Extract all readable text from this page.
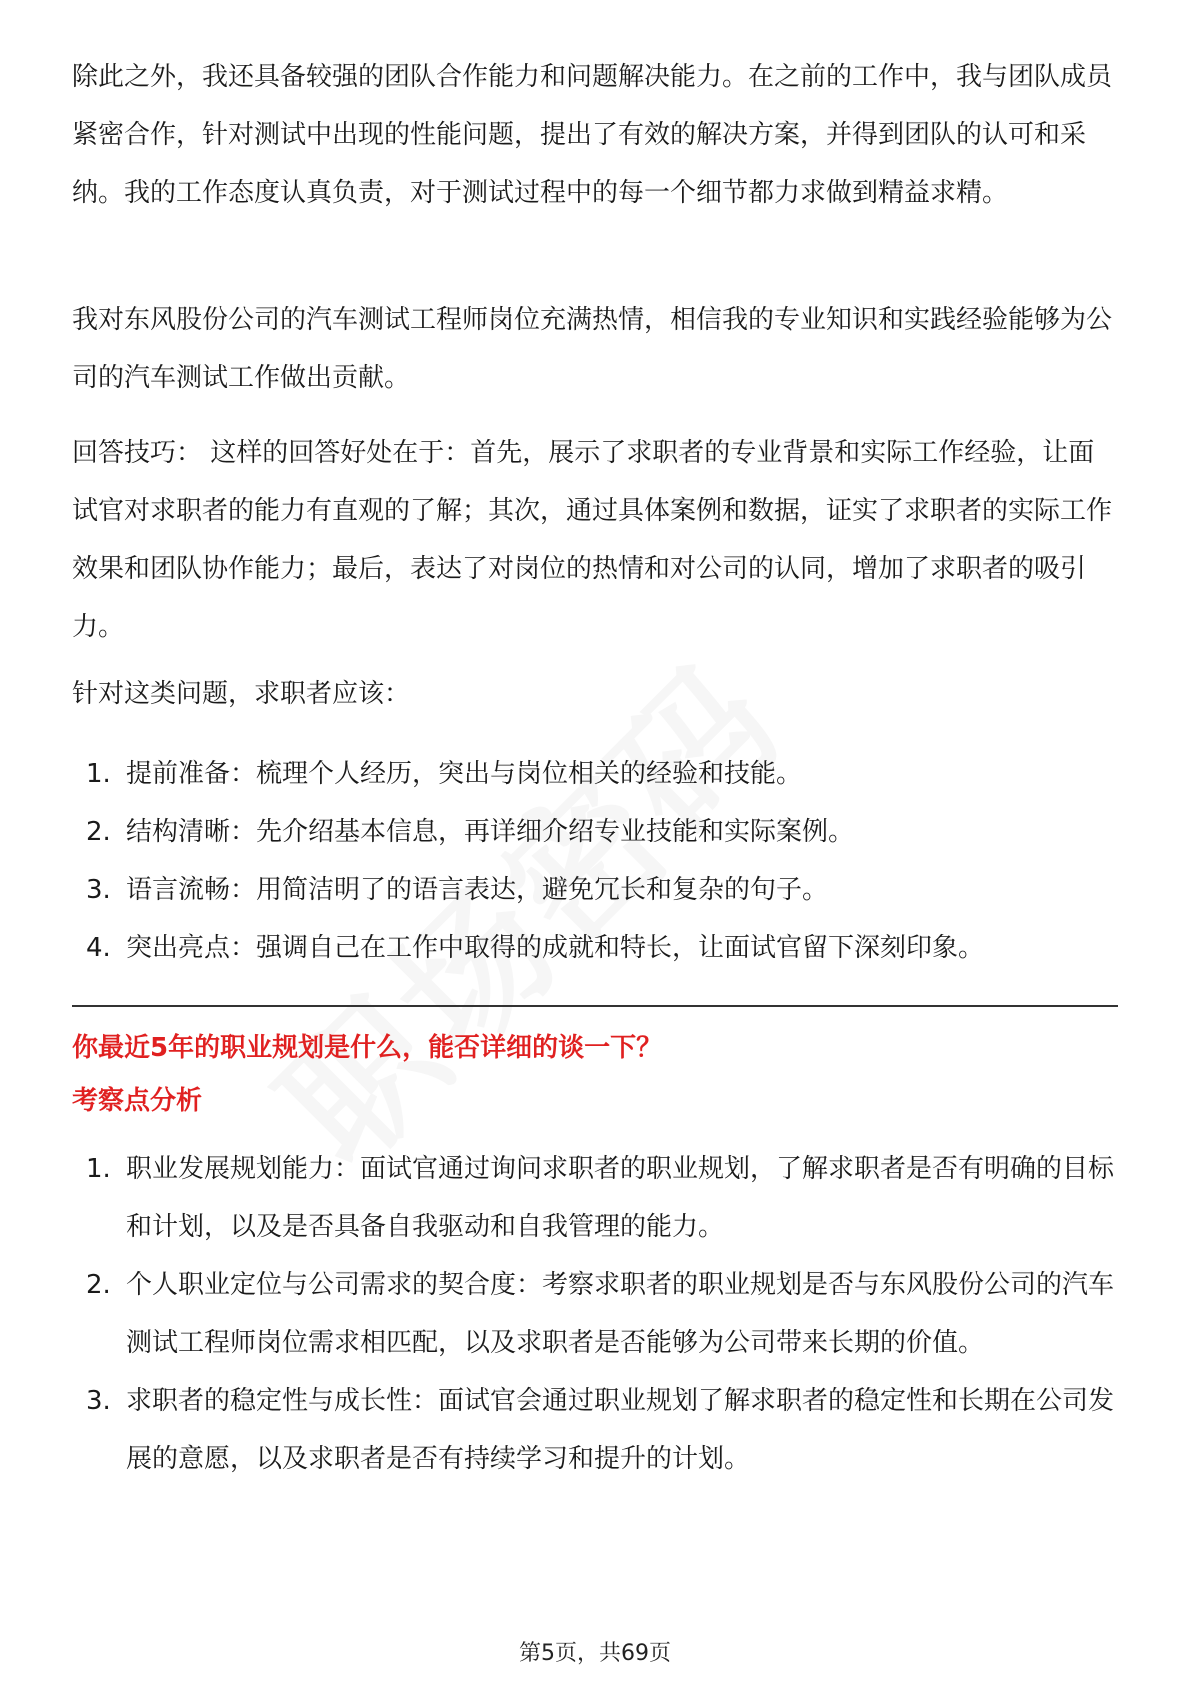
除此之外，我还具备较强的团队合作能力和问题解决能力。在之前的工作中，我与团队成员紧密合作，针对测试中出现的性能问题，提出了有效的解决方案，并得到团队的认可和采纳。我的工作态度认真负责，对于测试过程中的每一个细节都力求做到精益求精。

我对东风股份公司的汽车测试工程师岗位充满热情，相信我的专业知识和实践经验能够为公司的汽车测试工作做出贡献。

回答技巧： 这样的回答好处在于：首先，展示了求职者的专业背景和实际工作经验，让面试官对求职者的能力有直观的了解；其次，通过具体案例和数据，证实了求职者的实际工作效果和团队协作能力；最后，表达了对岗位的热情和对公司的认同，增加了求职者的吸引力。

针对这类问题，求职者应该：

1. 提前准备：梳理个人经历，突出与岗位相关的经验和技能。
2. 结构清晰：先介绍基本信息，再详细介绍专业技能和实际案例。
3. 语言流畅：用简洁明了的语言表达，避免冗长和复杂的句子。
4. 突出亮点：强调自己在工作中取得的成就和特长，让面试官留下深刻印象。

你最近5年的职业规划是什么，能否详细的谈一下？

考察点分析

1. 职业发展规划能力：面试官通过询问求职者的职业规划，了解求职者是否有明确的目标和计划，以及是否具备自我驱动和自我管理的能力。
2. 个人职业定位与公司需求的契合度：考察求职者的职业规划是否与东风股份公司的汽车测试工程师岗位需求相匹配，以及求职者是否能够为公司带来长期的价值。
3. 求职者的稳定性与成长性：面试官会通过职业规划了解求职者的稳定性和长期在公司发展的意愿，以及求职者是否有持续学习和提升的计划。
第5页，共69页
